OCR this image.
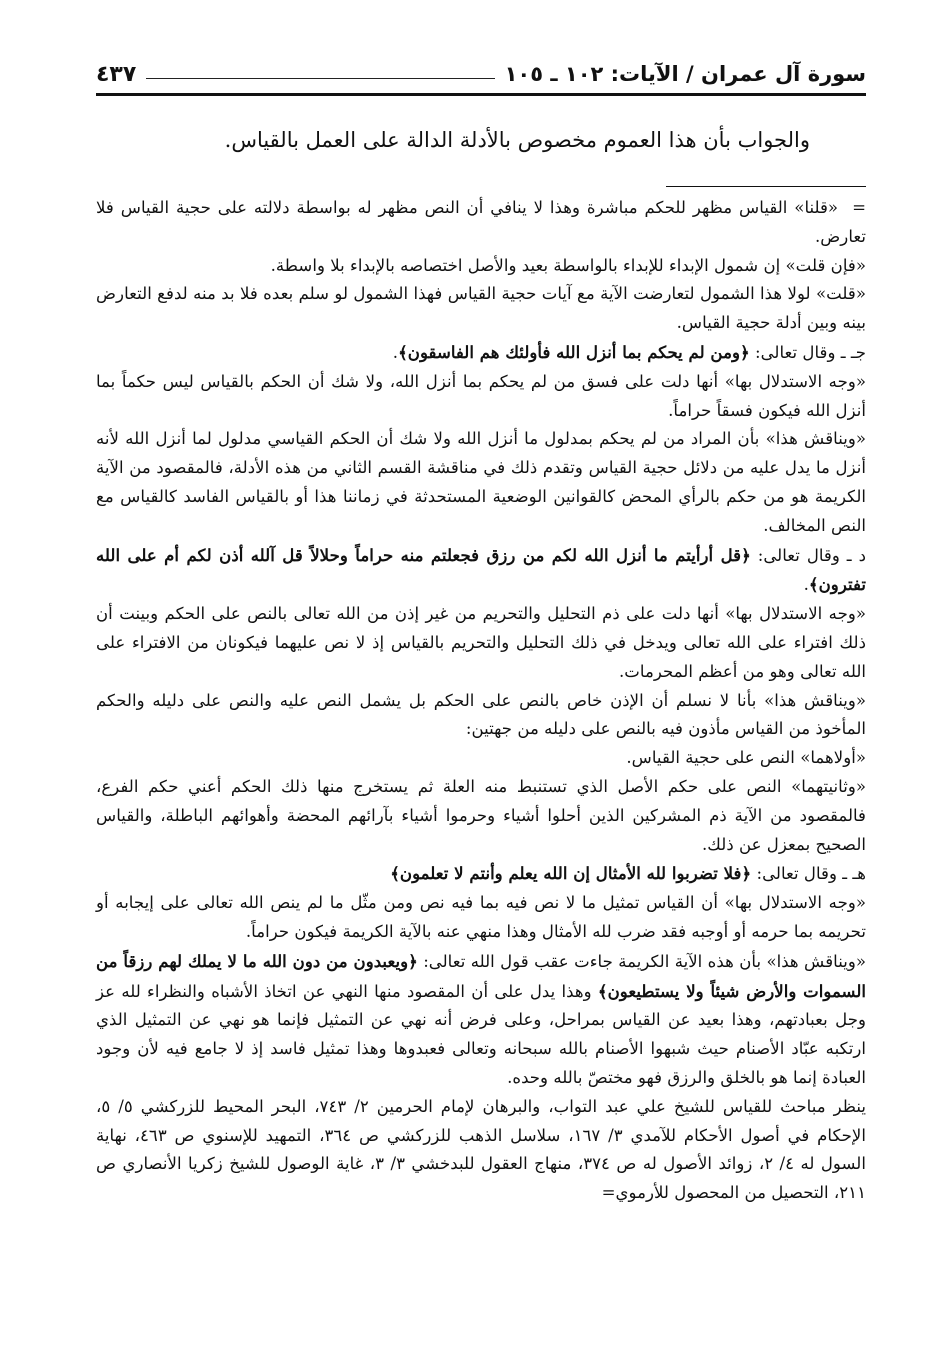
سورة آل عمران / الآيات: ١٠٢ ـ ١٠٥
٤٣٧
والجواب بأن هذا العموم مخصوص بالأدلة الدالة على العمل بالقياس.

=«قلنا» القياس مظهر للحكم مباشرة وهذا لا ينافي أن النص مظهر له بواسطة دلالته على حجية القياس فلا تعارض.

«فإن قلت» إن شمول الإبداء للإبداء بالواسطة بعيد والأصل اختصاصه بالإبداء بلا واسطة.

«قلت» لولا هذا الشمول لتعارضت الآية مع آيات حجية القياس فهذا الشمول لو سلم بعده فلا بد منه لدفع التعارض بينه وبين أدلة حجية القياس.

جـ ـ وقال تعالى: ﴿ومن لم يحكم بما أنزل الله فأولئك هم الفاسقون﴾.

«وجه الاستدلال بها» أنها دلت على فسق من لم يحكم بما أنزل الله، ولا شك أن الحكم بالقياس ليس حكماً بما أنزل الله فيكون فسقاً حراماً.

«ويناقش هذا» بأن المراد من لم يحكم بمدلول ما أنزل الله ولا شك أن الحكم القياسي مدلول لما أنزل الله لأنه أنزل ما يدل عليه من دلائل حجية القياس وتقدم ذلك في مناقشة القسم الثاني من هذه الأدلة، فالمقصود من الآية الكريمة هو من حكم بالرأي المحض كالقوانين الوضعية المستحدثة في زماننا هذا أو بالقياس الفاسد كالقياس مع النص المخالف.

د ـ وقال تعالى: ﴿قل أرأيتم ما أنزل الله لكم من رزق فجعلتم منه حراماً وحلالاً قل آلله أذن لكم أم على الله تفترون﴾.

«وجه الاستدلال بها» أنها دلت على ذم التحليل والتحريم من غير إذن من الله تعالى بالنص على الحكم وبينت أن ذلك افتراء على الله تعالى ويدخل في ذلك التحليل والتحريم بالقياس إذ لا نص عليهما فيكونان من الافتراء على الله تعالى وهو من أعظم المحرمات.

«ويناقش هذا» بأنا لا نسلم أن الإذن خاص بالنص على الحكم بل يشمل النص عليه والنص على دليله والحكم المأخوذ من القياس مأذون فيه بالنص على دليله من جهتين:

«أولاهما» النص على حجية القياس.

«وثانيتهما» النص على حكم الأصل الذي تستنبط منه العلة ثم يستخرج منها ذلك الحكم أعني حكم الفرع، فالمقصود من الآية ذم المشركين الذين أحلوا أشياء وحرموا أشياء بآرائهم المحضة وأهوائهم الباطلة، والقياس الصحيح بمعزل عن ذلك.

هـ ـ وقال تعالى: ﴿فلا تضربوا لله الأمثال إن الله يعلم وأنتم لا تعلمون﴾

«وجه الاستدلال بها» أن القياس تمثيل ما لا نص فيه بما فيه نص ومن مثّل ما لم ينص الله تعالى على إيجابه أو تحريمه بما حرمه أو أوجبه فقد ضرب لله الأمثال وهذا منهي عنه بالآية الكريمة فيكون حراماً.

«ويناقش هذا» بأن هذه الآية الكريمة جاءت عقب قول الله تعالى: ﴿ويعبدون من دون الله ما لا يملك لهم رزقاً من السموات والأرض شيئاً ولا يستطيعون﴾ وهذا يدل على أن المقصود منها النهي عن اتخاذ الأشباه والنظراء لله عز وجل بعبادتهم، وهذا بعيد عن القياس بمراحل، وعلى فرض أنه نهي عن التمثيل فإنما هو نهي عن التمثيل الذي ارتكبه عبّاد الأصنام حيث شبهوا الأصنام بالله سبحانه وتعالى فعبدوها وهذا تمثيل فاسد إذ لا جامع فيه لأن وجود العبادة إنما هو بالخلق والرزق فهو مختصّ بالله وحده.

ينظر مباحث للقياس للشيخ علي عبد التواب، والبرهان لإمام الحرمين ٢/ ٧٤٣، البحر المحيط للزركشي ٥/ ٥، الإحكام في أصول الأحكام للآمدي ٣/ ١٦٧، سلاسل الذهب للزركشي ص ٣٦٤، التمهيد للإسنوي ص ٤٦٣، نهاية السول له ٤/ ٢، زوائد الأصول له ص ٣٧٤، منهاج العقول للبدخشي ٣/ ٣، غاية الوصول للشيخ زكريا الأنصاري ص ٢١١، التحصيل من المحصول للأرموي=
